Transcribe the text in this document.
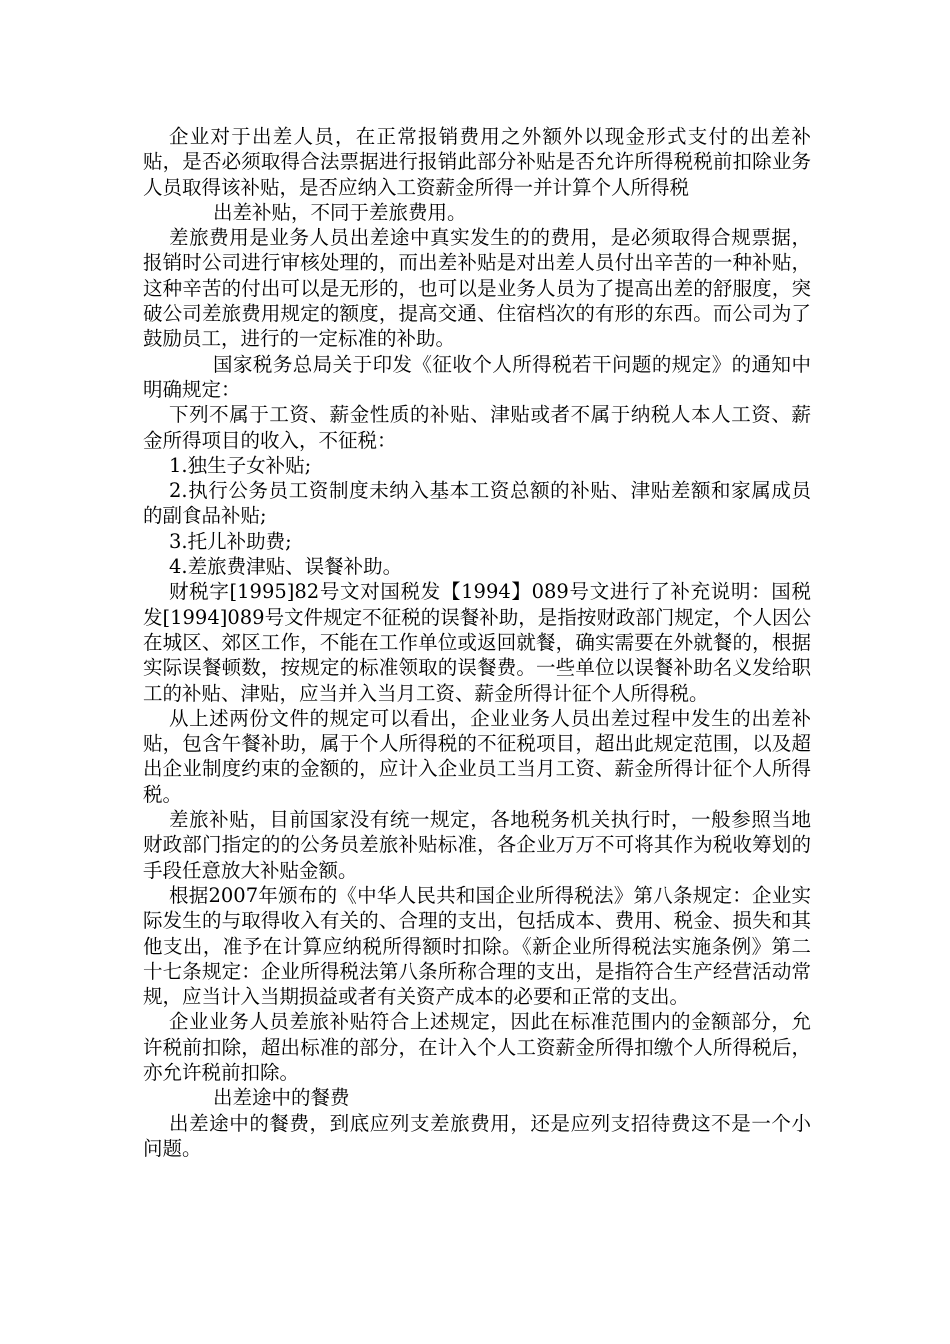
企业对于出差人员，在正常报销费用之外额外以现金形式支付的出差补贴，是否必须取得合法票据进行报销此部分补贴是否允许所得税税前扣除业务人员取得该补贴，是否应纳入工资薪金所得一并计算个人所得税

出差补贴，不同于差旅费用。

差旅费用是业务人员出差途中真实发生的的费用，是必须取得合规票据，报销时公司进行审核处理的，而出差补贴是对出差人员付出辛苦的一种补贴，这种辛苦的付出可以是无形的，也可以是业务人员为了提高出差的舒服度，突破公司差旅费用规定的额度，提高交通、住宿档次的有形的东西。而公司为了鼓励员工，进行的一定标准的补助。

国家税务总局关于印发《征收个人所得税若干问题的规定》的通知中明确规定：

下列不属于工资、薪金性质的补贴、津贴或者不属于纳税人本人工资、薪金所得项目的收入，不征税：

1.独生子女补贴;

2.执行公务员工资制度未纳入基本工资总额的补贴、津贴差额和家属成员的副食品补贴;

3.托儿补助费;

4.差旅费津贴、误餐补助。

财税字[1995]82号文对国税发【1994】089号文进行了补充说明：国税发[1994]089号文件规定不征税的误餐补助，是指按财政部门规定，个人因公在城区、郊区工作，不能在工作单位或返回就餐，确实需要在外就餐的，根据实际误餐顿数，按规定的标准领取的误餐费。一些单位以误餐补助名义发给职工的补贴、津贴，应当并入当月工资、薪金所得计征个人所得税。

从上述两份文件的规定可以看出，企业业务人员出差过程中发生的出差补贴，包含午餐补助，属于个人所得税的不征税项目，超出此规定范围，以及超出企业制度约束的金额的，应计入企业员工当月工资、薪金所得计征个人所得税。

差旅补贴，目前国家没有统一规定，各地税务机关执行时，一般参照当地财政部门指定的的公务员差旅补贴标准，各企业万万不可将其作为税收筹划的手段任意放大补贴金额。

根据2007年颁布的《中华人民共和国企业所得税法》第八条规定：企业实际发生的与取得收入有关的、合理的支出，包括成本、费用、税金、损失和其他支出，准予在计算应纳税所得额时扣除。《新企业所得税法实施条例》第二十七条规定：企业所得税法第八条所称合理的支出，是指符合生产经营活动常规，应当计入当期损益或者有关资产成本的必要和正常的支出。

企业业务人员差旅补贴符合上述规定，因此在标准范围内的金额部分，允许税前扣除，超出标准的部分，在计入个人工资薪金所得扣缴个人所得税后，亦允许税前扣除。

出差途中的餐费

出差途中的餐费，到底应列支差旅费用，还是应列支招待费这不是一个小问题。
